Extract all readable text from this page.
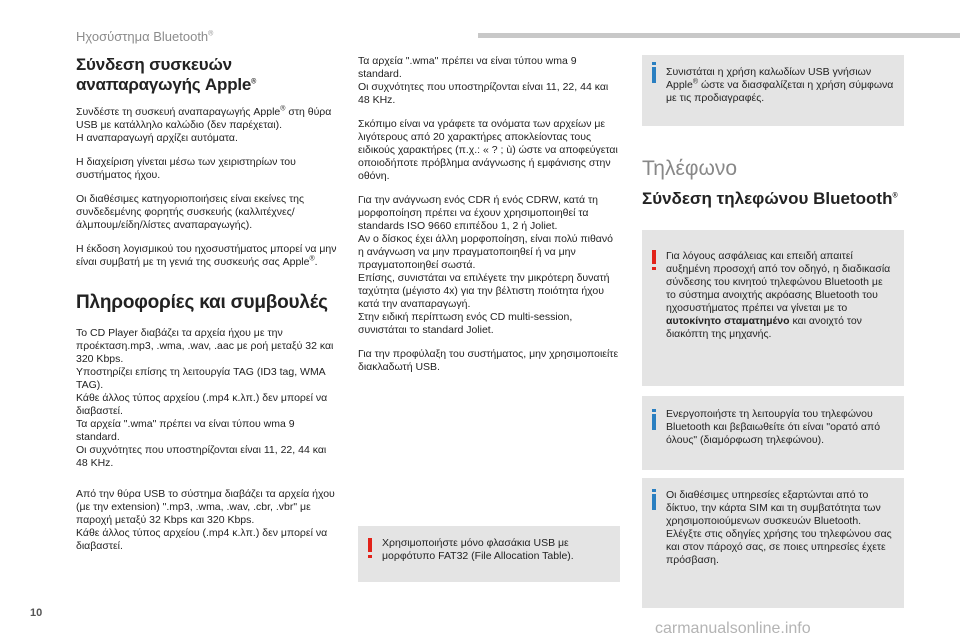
Ηχοσύστημα Bluetooth®
Σύνδεση συσκευών αναπαραγωγής Apple®

Συνδέστε τη συσκευή αναπαραγωγής Apple® στη θύρα USB με κατάλληλο καλώδιο (δεν παρέχεται).
Η αναπαραγωγή αρχίζει αυτόματα.

Η διαχείριση γίνεται μέσω των χειριστηρίων του συστήματος ήχου.

Οι διαθέσιμες κατηγοριοποιήσεις είναι εκείνες της συνδεδεμένης φορητής συσκευής (καλλιτέχνες/ άλμπουμ/είδη/λίστες αναπαραγωγής).

Η έκδοση λογισμικού του ηχοσυστήματος μπορεί να μην είναι συμβατή με τη γενιά της συσκευής σας Apple®.

Πληροφορίες και συμβουλές

Το CD Player διαβάζει τα αρχεία ήχου με την προέκταση.mp3, .wma, .wav, .aac με ροή μεταξύ 32 και 320 Kbps.
Υποστηρίζει επίσης τη λειτουργία TAG (ID3 tag, WMA TAG).
Κάθε άλλος τύπος αρχείου (.mp4 κ.λπ.) δεν μπορεί να διαβαστεί.
Τα αρχεία ".wma" πρέπει να είναι τύπου wma 9 standard.
Οι συχνότητες που υποστηρίζονται είναι 11, 22, 44 και 48 KHz.

Από την θύρα USB το σύστημα διαβάζει τα αρχεία ήχου (με την extension) ".mp3, .wma, .wav, .cbr, .vbr" με παροχή μεταξύ 32 Kbps και 320 Kbps.
Κάθε άλλος τύπος αρχείου (.mp4 κ.λπ.) δεν μπορεί να διαβαστεί.

Τα αρχεία ".wma" πρέπει να είναι τύπου wma 9 standard.
Οι συχνότητες που υποστηρίζονται είναι 11, 22, 44 και 48 KHz.

Σκόπιμο είναι να γράφετε τα ονόματα των αρχείων με λιγότερους από 20 χαρακτήρες αποκλείοντας τους ειδικούς χαρακτήρες (π.χ.: « ? ; ù) ώστε να αποφεύγεται οποιοδήποτε πρόβλημα ανάγνωσης ή εμφάνισης στην οθόνη.

Για την ανάγνωση ενός CDR ή ενός CDRW, κατά τη μορφοποίηση πρέπει να έχουν χρησιμοποιηθεί τα standards ISO 9660 επιπέδου 1, 2 ή Joliet.
Αν ο δίσκος έχει άλλη μορφοποίηση, είναι πολύ πιθανό η ανάγνωση να μην πραγματοποιηθεί ή να μην πραγματοποιηθεί σωστά.
Επίσης, συνιστάται να επιλέγετε την μικρότερη δυνατή ταχύτητα (μέγιστο 4x) για την βέλτιστη ποιότητα ήχου κατά την αναπαραγωγή.
Στην ειδική περίπτωση ενός CD multi-session, συνιστάται το standard Joliet.

Για την προφύλαξη του συστήματος, μην χρησιμοποιείτε διακλαδωτή USB.

Χρησιμοποιήστε μόνο φλασάκια USB με μορφότυπο FAT32 (File Allocation Table).
Συνιστάται η χρήση καλωδίων USB γνήσιων Apple® ώστε να διασφαλίζεται η χρήση σύμφωνα με τις προδιαγραφές.
Τηλέφωνο
Σύνδεση τηλεφώνου Bluetooth®
Για λόγους ασφάλειας και επειδή απαιτεί αυξημένη προσοχή από τον οδηγό, η διαδικασία σύνδεσης του κινητού τηλεφώνου Bluetooth με το σύστημα ανοιχτής ακρόασης Bluetooth του ηχοσυστήματος πρέπει να γίνεται με το αυτοκίνητο σταματημένο και ανοιχτό τον διακόπτη της μηχανής.
Ενεργοποιήστε τη λειτουργία του τηλεφώνου Bluetooth και βεβαιωθείτε ότι είναι "ορατό από όλους" (διαμόρφωση τηλεφώνου).
Οι διαθέσιμες υπηρεσίες εξαρτώνται από το δίκτυο, την κάρτα SIM και τη συμβατότητα των χρησιμοποιούμενων συσκευών Bluetooth.
Ελέγξτε στις οδηγίες χρήσης του τηλεφώνου σας και στον πάροχό σας, σε ποιες υπηρεσίες έχετε πρόσβαση.
10
carmanualsonline.info
